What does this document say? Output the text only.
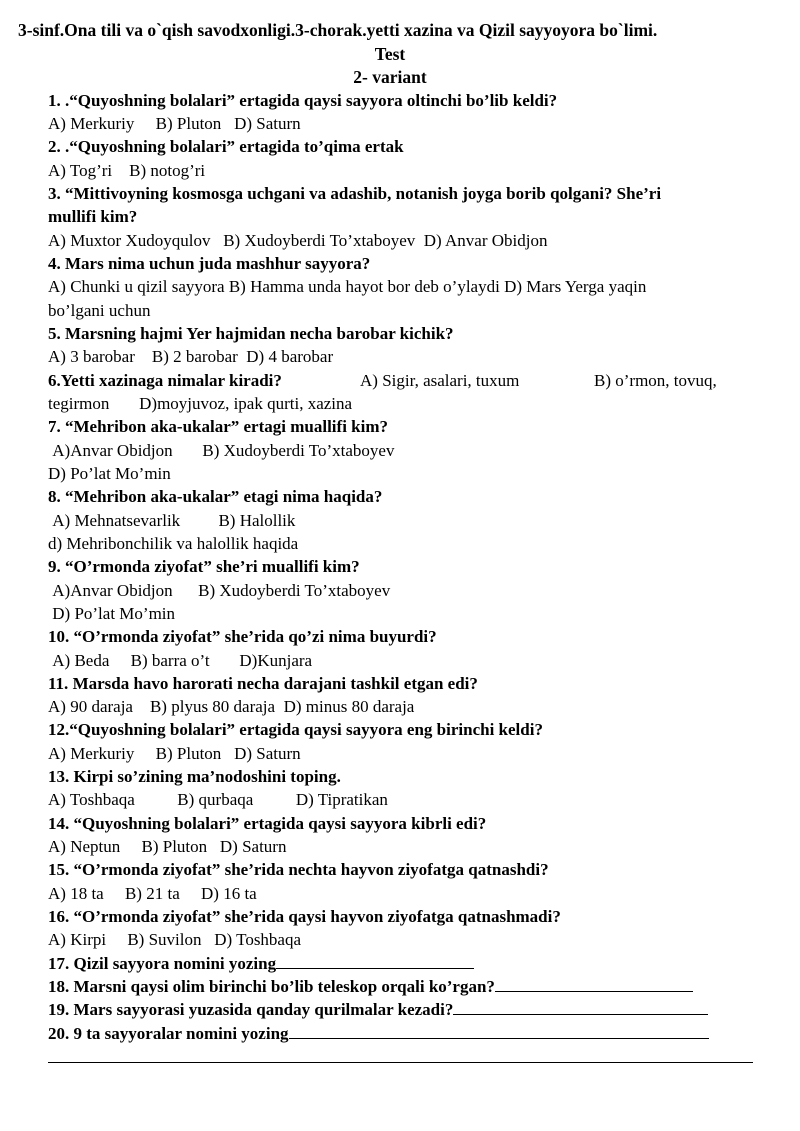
3-sinf.Ona tili va o`qish savodxonligi.3-chorak.yetti xazina va Qizil sayyoyora bo`limi.
Test
2- variant
1. .“Quyoshning bolalari” ertagida qaysi sayyora oltinchi bo’lib keldi?
A) Merkuriy B) Pluton D) Saturn
2. .“Quyoshning bolalari” ertagida to’qima ertak
A) Tog’ri B) notog’ri
3. “Mittivoyning kosmosga uchgani va adashib, notanish joyga borib qolgani? She’ri
mullifi kim?
A) Muxtor Xudoyqulov B) Xudoyberdi To’xtaboyev D) Anvar Obidjon
4. Mars nima uchun juda mashhur sayyora?
A) Chunki u qizil sayyora B) Hamma unda hayot bor deb o’ylaydi D) Mars Yerga yaqin
bo’lgani uchun
5. Marsning hajmi Yer hajmidan necha barobar kichik?
A) 3 barobar B) 2 barobar D) 4 barobar
6.Yetti xazinaga nimalar kiradi?	A) Sigir, asalari, tuxum	B) o’rmon, tovuq,
tegirmon D)moyjuvoz, ipak qurti, xazina
7. “Mehribon aka-ukalar” ertagi muallifi kim?
A)Anvar Obidjon B) Xudoyberdi To’xtaboyev
D) Po’lat Mo’min
8. “Mehribon aka-ukalar” etagi nima haqida?
A) Mehnatsevarlik B) Halollik
d) Mehribonchilik va halollik haqida
9. “O’rmonda ziyofat” she’ri muallifi kim?
A)Anvar Obidjon B) Xudoyberdi To’xtaboyev
D) Po’lat Mo’min
10. “O’rmonda ziyofat” she’rida qo’zi nima buyurdi?
A) Beda B) barra o’t D)Kunjara
11. Marsda havo harorati necha darajani tashkil etgan edi?
A) 90 daraja B) plyus 80 daraja D) minus 80 daraja
12.“Quyoshning bolalari” ertagida qaysi sayyora eng birinchi keldi?
A) Merkuriy B) Pluton D) Saturn
13. Kirpi so’zining ma’nodoshini toping.
A) Toshbaqa	B) qurbaqa	D) Tipratikan
14. “Quyoshning bolalari” ertagida qaysi sayyora kibrli edi?
A) Neptun B) Pluton D) Saturn
15. “O’rmonda ziyofat” she’rida nechta hayvon ziyofatga qatnashdi?
A) 18 ta B) 21 ta D) 16 ta
16. “O’rmonda ziyofat” she’rida qaysi hayvon ziyofatga qatnashmadi?
A) Kirpi B) Suvilon D) Toshbaqa
17. Qizil sayyora nomini yozing
18. Marsni qaysi olim birinchi bo’lib teleskop orqali ko’rgan?
19. Mars sayyorasi yuzasida qanday qurilmalar kezadi?
20. 9 ta sayyoralar nomini yozing
